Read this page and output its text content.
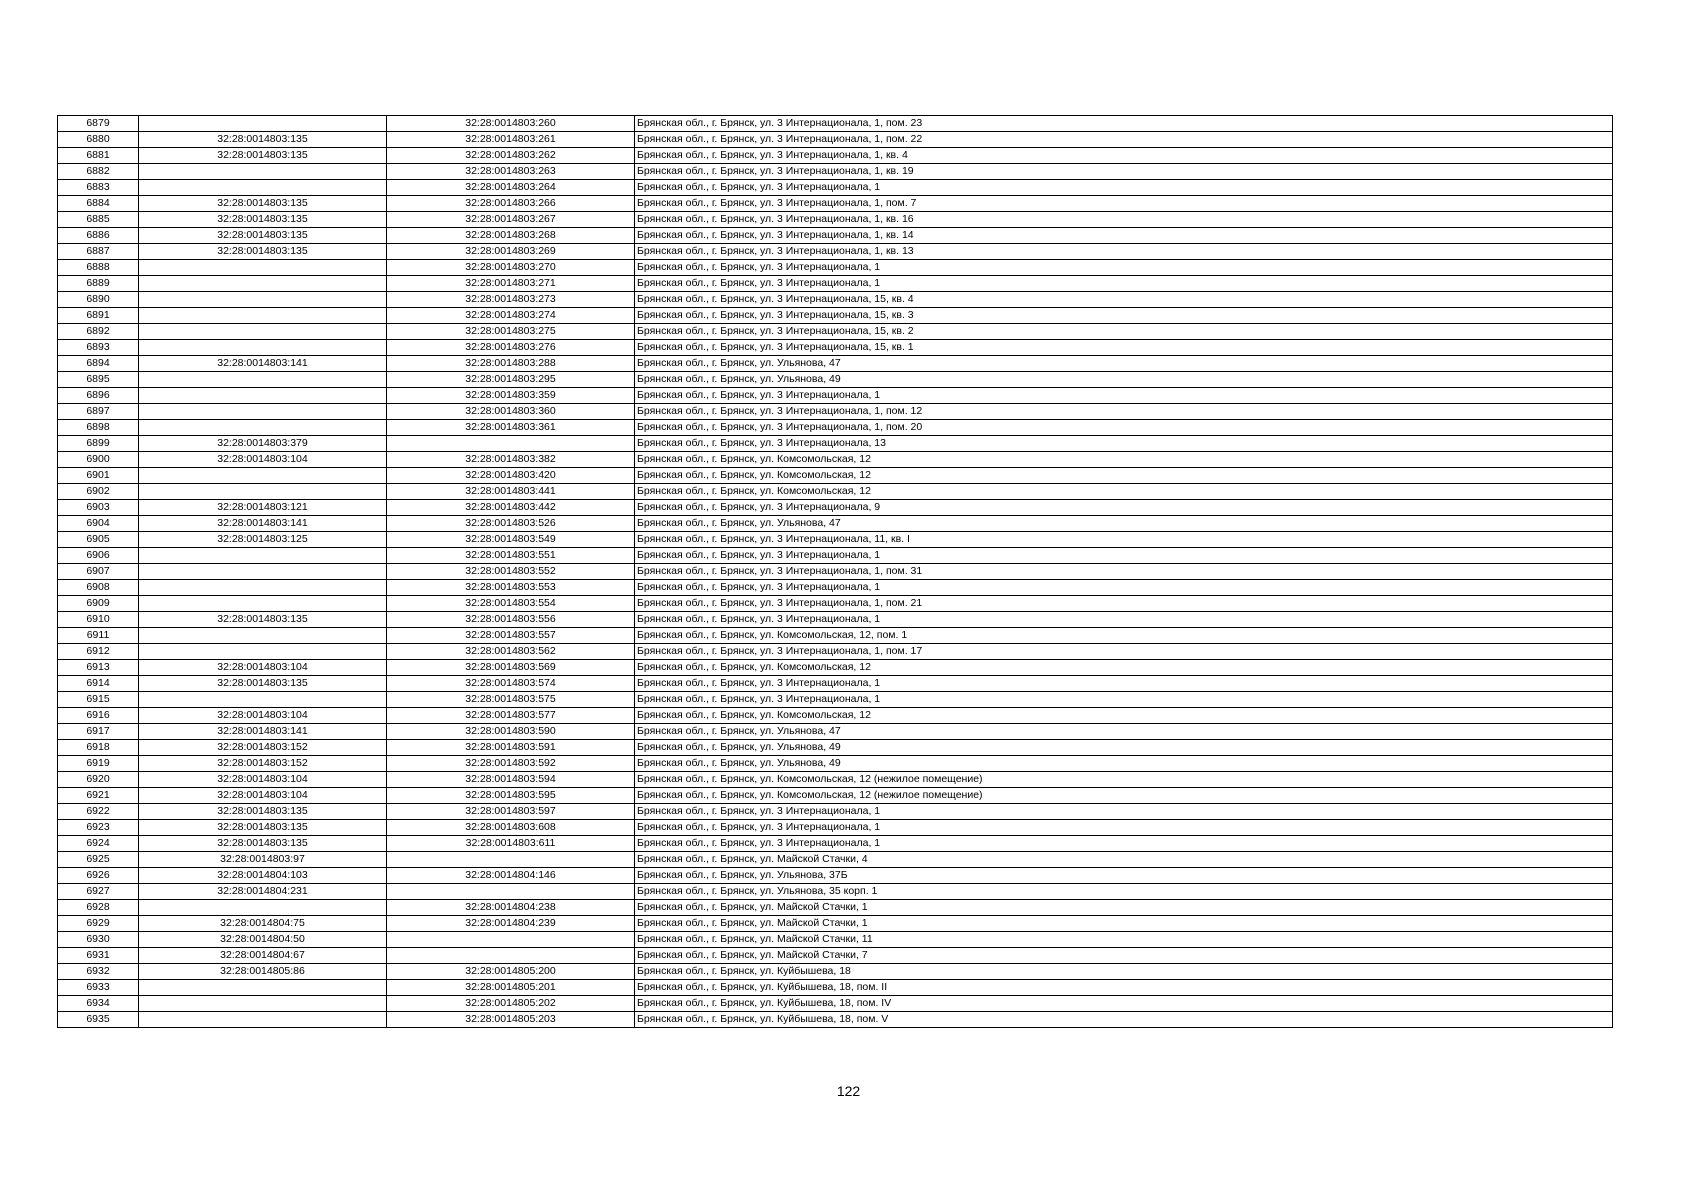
6879		32:28:0014803:260	Брянская обл., г. Брянск, ул. 3 Интернационала, 1, пом. 23
6880	32:28:0014803:135	32:28:0014803:261	Брянская обл., г. Брянск, ул. 3 Интернационала, 1, пом. 22
6881	32:28:0014803:135	32:28:0014803:262	Брянская обл., г. Брянск, ул. 3 Интернационала, 1, кв. 4
6882		32:28:0014803:263	Брянская обл., г. Брянск, ул. 3 Интернационала, 1, кв. 19
6883		32:28:0014803:264	Брянская обл., г. Брянск, ул. 3 Интернационала, 1
6884	32:28:0014803:135	32:28:0014803:266	Брянская обл., г. Брянск, ул. 3 Интернационала, 1, пом. 7
6885	32:28:0014803:135	32:28:0014803:267	Брянская обл., г. Брянск, ул. 3 Интернационала, 1, кв. 16
6886	32:28:0014803:135	32:28:0014803:268	Брянская обл., г. Брянск, ул. 3 Интернационала, 1, кв. 14
6887	32:28:0014803:135	32:28:0014803:269	Брянская обл., г. Брянск, ул. 3 Интернационала, 1, кв. 13
6888		32:28:0014803:270	Брянская обл., г. Брянск, ул. 3 Интернационала, 1
6889		32:28:0014803:271	Брянская обл., г. Брянск, ул. 3 Интернационала, 1
6890		32:28:0014803:273	Брянская обл., г. Брянск, ул. 3 Интернационала, 15, кв. 4
6891		32:28:0014803:274	Брянская обл., г. Брянск, ул. 3 Интернационала, 15, кв. 3
6892		32:28:0014803:275	Брянская обл., г. Брянск, ул. 3 Интернационала, 15, кв. 2
6893		32:28:0014803:276	Брянская обл., г. Брянск, ул. 3 Интернационала, 15, кв. 1
6894	32:28:0014803:141	32:28:0014803:288	Брянская обл., г. Брянск, ул. Ульянова, 47
6895		32:28:0014803:295	Брянская обл., г. Брянск, ул. Ульянова, 49
6896		32:28:0014803:359	Брянская обл., г. Брянск, ул. 3 Интернационала, 1
6897		32:28:0014803:360	Брянская обл., г. Брянск, ул. 3 Интернационала, 1, пом. 12
6898		32:28:0014803:361	Брянская обл., г. Брянск, ул. 3 Интернационала, 1, пом. 20
6899	32:28:0014803:379		Брянская обл., г. Брянск, ул. 3 Интернационала, 13
6900	32:28:0014803:104	32:28:0014803:382	Брянская обл., г. Брянск, ул. Комсомольская, 12
6901		32:28:0014803:420	Брянская обл., г. Брянск, ул. Комсомольская, 12
6902		32:28:0014803:441	Брянская обл., г. Брянск, ул. Комсомольская, 12
6903	32:28:0014803:121	32:28:0014803:442	Брянская обл., г. Брянск, ул. 3 Интернационала, 9
6904	32:28:0014803:141	32:28:0014803:526	Брянская обл., г. Брянск, ул. Ульянова, 47
6905	32:28:0014803:125	32:28:0014803:549	Брянская обл., г. Брянск, ул. 3 Интернационала, 11, кв. I
6906		32:28:0014803:551	Брянская обл., г. Брянск, ул. 3 Интернационала, 1
6907		32:28:0014803:552	Брянская обл., г. Брянск, ул. 3 Интернационала, 1, пом. 31
6908		32:28:0014803:553	Брянская обл., г. Брянск, ул. 3 Интернационала, 1
6909		32:28:0014803:554	Брянская обл., г. Брянск, ул. 3 Интернационала, 1, пом. 21
6910	32:28:0014803:135	32:28:0014803:556	Брянская обл., г. Брянск, ул. 3 Интернационала, 1
6911		32:28:0014803:557	Брянская обл., г. Брянск, ул. Комсомольская, 12, пом. 1
6912		32:28:0014803:562	Брянская обл., г. Брянск, ул. 3 Интернационала, 1, пом. 17
6913	32:28:0014803:104	32:28:0014803:569	Брянская обл., г. Брянск, ул. Комсомольская, 12
6914	32:28:0014803:135	32:28:0014803:574	Брянская обл., г. Брянск, ул. 3 Интернационала, 1
6915		32:28:0014803:575	Брянская обл., г. Брянск, ул. 3 Интернационала, 1
6916	32:28:0014803:104	32:28:0014803:577	Брянская обл., г. Брянск, ул. Комсомольская, 12
6917	32:28:0014803:141	32:28:0014803:590	Брянская обл., г. Брянск, ул. Ульянова, 47
6918	32:28:0014803:152	32:28:0014803:591	Брянская обл., г. Брянск, ул. Ульянова, 49
6919	32:28:0014803:152	32:28:0014803:592	Брянская обл., г. Брянск, ул. Ульянова, 49
6920	32:28:0014803:104	32:28:0014803:594	Брянская обл., г. Брянск, ул. Комсомольская, 12 (нежилое помещение)
6921	32:28:0014803:104	32:28:0014803:595	Брянская обл., г. Брянск, ул. Комсомольская, 12 (нежилое помещение)
6922	32:28:0014803:135	32:28:0014803:597	Брянская обл., г. Брянск, ул. 3 Интернационала, 1
6923	32:28:0014803:135	32:28:0014803:608	Брянская обл., г. Брянск, ул. 3 Интернационала, 1
6924	32:28:0014803:135	32:28:0014803:611	Брянская обл., г. Брянск, ул. 3 Интернационала, 1
6925	32:28:0014803:97		Брянская обл., г. Брянск, ул. Майской Стачки, 4
6926	32:28:0014804:103	32:28:0014804:146	Брянская обл., г. Брянск, ул. Ульянова, 37Б
6927	32:28:0014804:231		Брянская обл., г. Брянск, ул. Ульянова, 35 корп. 1
6928		32:28:0014804:238	Брянская обл., г. Брянск, ул. Майской Стачки, 1
6929	32:28:0014804:75	32:28:0014804:239	Брянская обл., г. Брянск, ул. Майской Стачки, 1
6930	32:28:0014804:50		Брянская обл., г. Брянск, ул. Майской Стачки, 11
6931	32:28:0014804:67		Брянская обл., г. Брянск, ул. Майской Стачки, 7
6932	32:28:0014805:86	32:28:0014805:200	Брянская обл., г. Брянск, ул. Куйбышева, 18
6933		32:28:0014805:201	Брянская обл., г. Брянск, ул. Куйбышева, 18, пом. II
6934		32:28:0014805:202	Брянская обл., г. Брянск, ул. Куйбышева, 18, пом. IV
6935		32:28:0014805:203	Брянская обл., г. Брянск, ул. Куйбышева, 18, пом. V
122
